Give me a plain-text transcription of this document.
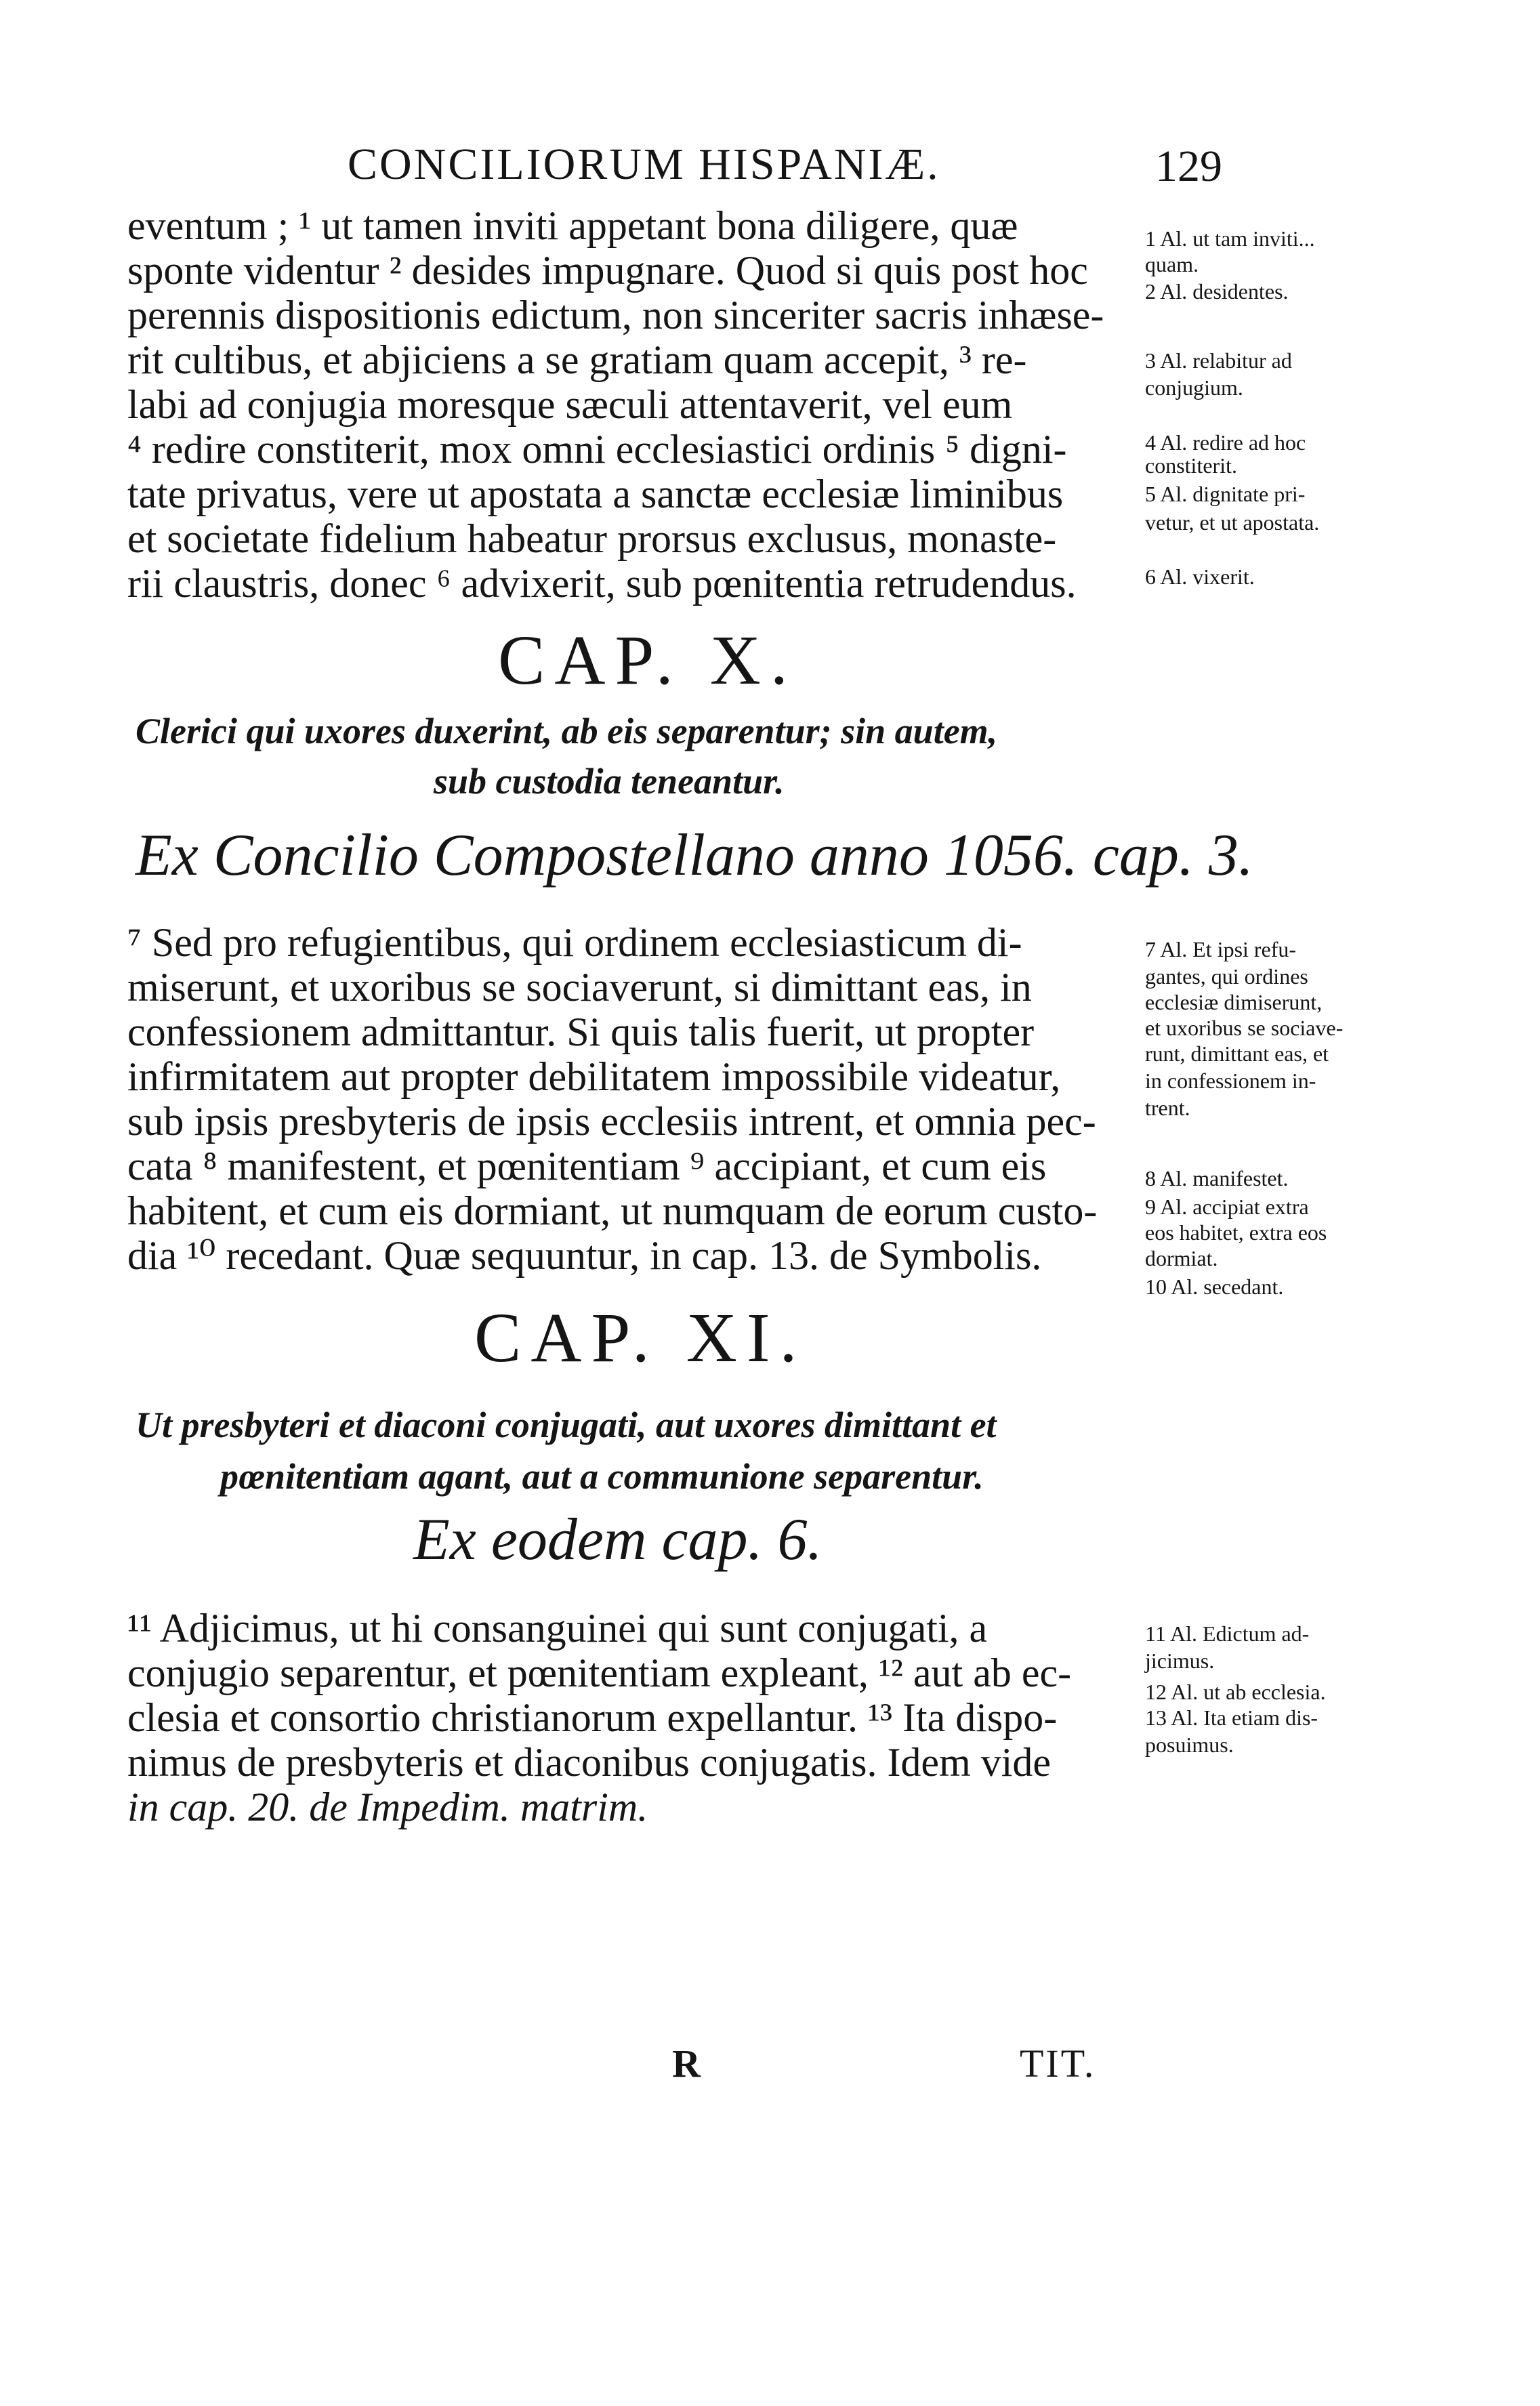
CONCILIORUM HISPANIÆ.	129
eventum ; ¹ ut tamen inviti appetant bona diligere, quæ
sponte videntur ² desides impugnare. Quod si quis post hoc
perennis dispositionis edictum, non sinceriter sacris inhæse-
rit cultibus, et abjiciens a se gratiam quam accepit, ³ re-
labi ad conjugia moresque sæculi attentaverit, vel eum
⁴ redire constiterit, mox omni ecclesiastici ordinis ⁵ digni-
tate privatus, vere ut apostata a sanctæ ecclesiæ liminibus
et societate fidelium habeatur prorsus exclusus, monaste-
rii claustris, donec ⁶ advixerit, sub pœnitentia retrudendus.
1 Al. ut tam inviti...
quam.
2 Al. desidentes.
3 Al. relabitur ad
conjugium.
4 Al. redire ad hoc
constiterit.
5 Al. dignitate pri-
vetur, et ut apostata.
6 Al. vixerit.
CAP. X.
Clerici qui uxores duxerint, ab eis separentur; sin autem,
sub custodia teneantur.
Ex Concilio Compostellano anno 1056. cap. 3.
⁷ Sed pro refugientibus, qui ordinem ecclesiasticum di-
miserunt, et uxoribus se sociaverunt, si dimittant eas, in
confessionem admittantur. Si quis talis fuerit, ut propter
infirmitatem aut propter debilitatem impossibile videatur,
sub ipsis presbyteris de ipsis ecclesiis intrent, et omnia pec-
cata ⁸ manifestent, et pœnitentiam ⁹ accipiant, et cum eis
habitent, et cum eis dormiant, ut numquam de eorum custo-
dia ¹⁰ recedant. Quæ sequuntur, in cap. 13. de Symbolis.
7 Al. Et ipsi refu-
gantes, qui ordines
ecclesiæ dimiserunt,
et uxoribus se sociave-
runt, dimittant eas, et
in confessionem in-
trent.
8 Al. manifestet.
9 Al. accipiat extra
eos habitet, extra eos
dormiat.
10 Al. secedant.
CAP. XI.
Ut presbyteri et diaconi conjugati, aut uxores dimittant et
pœnitentiam agant, aut a communione separentur.
Ex eodem cap. 6.
¹¹ Adjicimus, ut hi consanguinei qui sunt conjugati, a
conjugio separentur, et pœnitentiam expleant, ¹² aut ab ec-
clesia et consortio christianorum expellantur. ¹³ Ita dispo-
nimus de presbyteris et diaconibus conjugatis. Idem vide
in cap. 20. de Impedim. matrim.
11 Al. Edictum ad-
jicimus.
12 Al. ut ab ecclesia.
13 Al. Ita etiam dis-
posuimus.
R	TIT.
